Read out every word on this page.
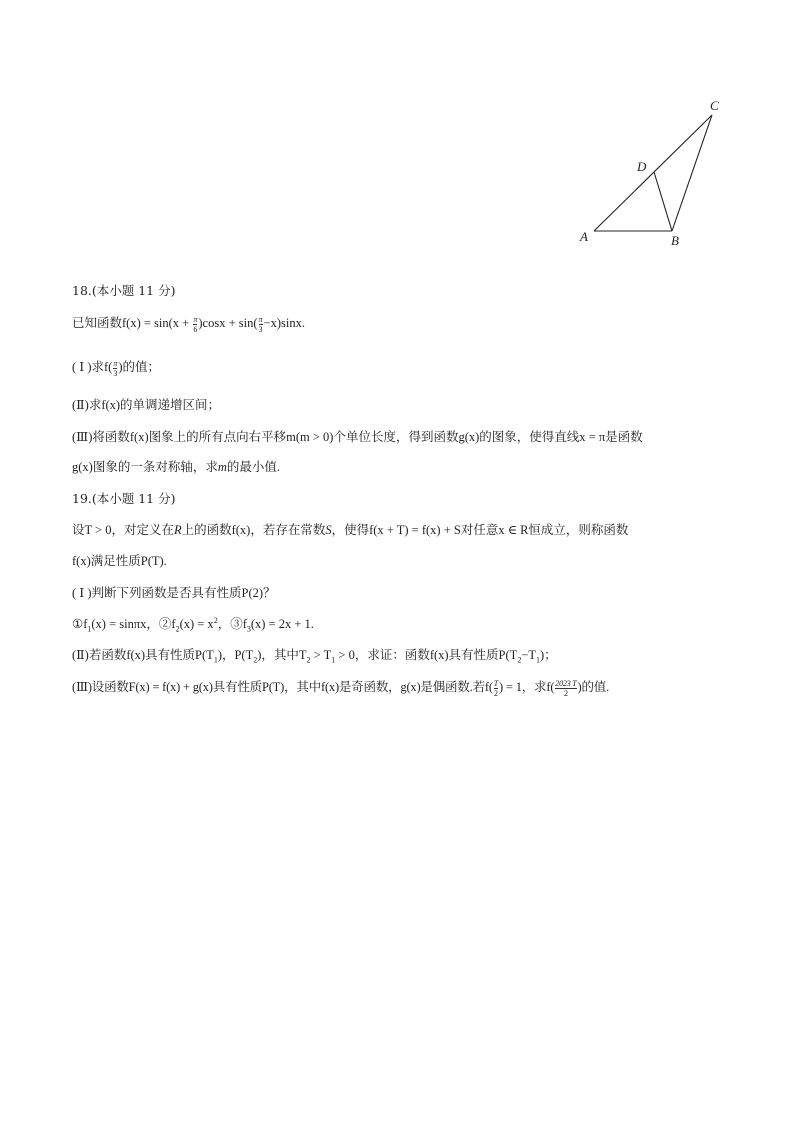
A	B
C
D
18.(本小题 11 分)
已知函数$f(x) = \sin(x + \frac{\pi}{6} )\cos x + \sin( \frac{\pi}{3} -x)\sin x$.
( Ⅰ )求$f( \frac{\pi}{3}$ )的值；
(Ⅱ)求f(x)的单调递增区间；
(Ⅲ)将函数f(x)图象上的所有点向右平移m(m > 0)个单位长度，得到函数g(x)的图象，使得直线x = π是函数
g(x)图象的一条对称轴，求m的最小值.
19.(本小题 11 分)
设T > 0，对定义在R上的函数f(x)，若存在常数S，使得f(x + T) = f(x) + S对任意x ∈ R恒成立，则称函数
f(x)满足性质P(T).
( Ⅰ )判断下列函数是否具有性质P(2)？
$①f_1(x) = \sin\pi x$，$②f_2(x) = x^2$，$③f_3(x) = 2x + 1$.
(Ⅱ)若函数f(x)具有性质$P(T_1)$，$P(T_2)$，其中$T_2 > T_1 > 0$，求证：函数f(x)具有性质$P(T_2-T_1)$；
(Ⅲ)设函数F(x) = f(x) + g(x)具有性质P(T)，其中f(x)是奇函数，g(x)是偶函数.若$f( \frac{T}{2}$ ) = 1，求$f( \frac{2023 T}{2}$ )的值.
